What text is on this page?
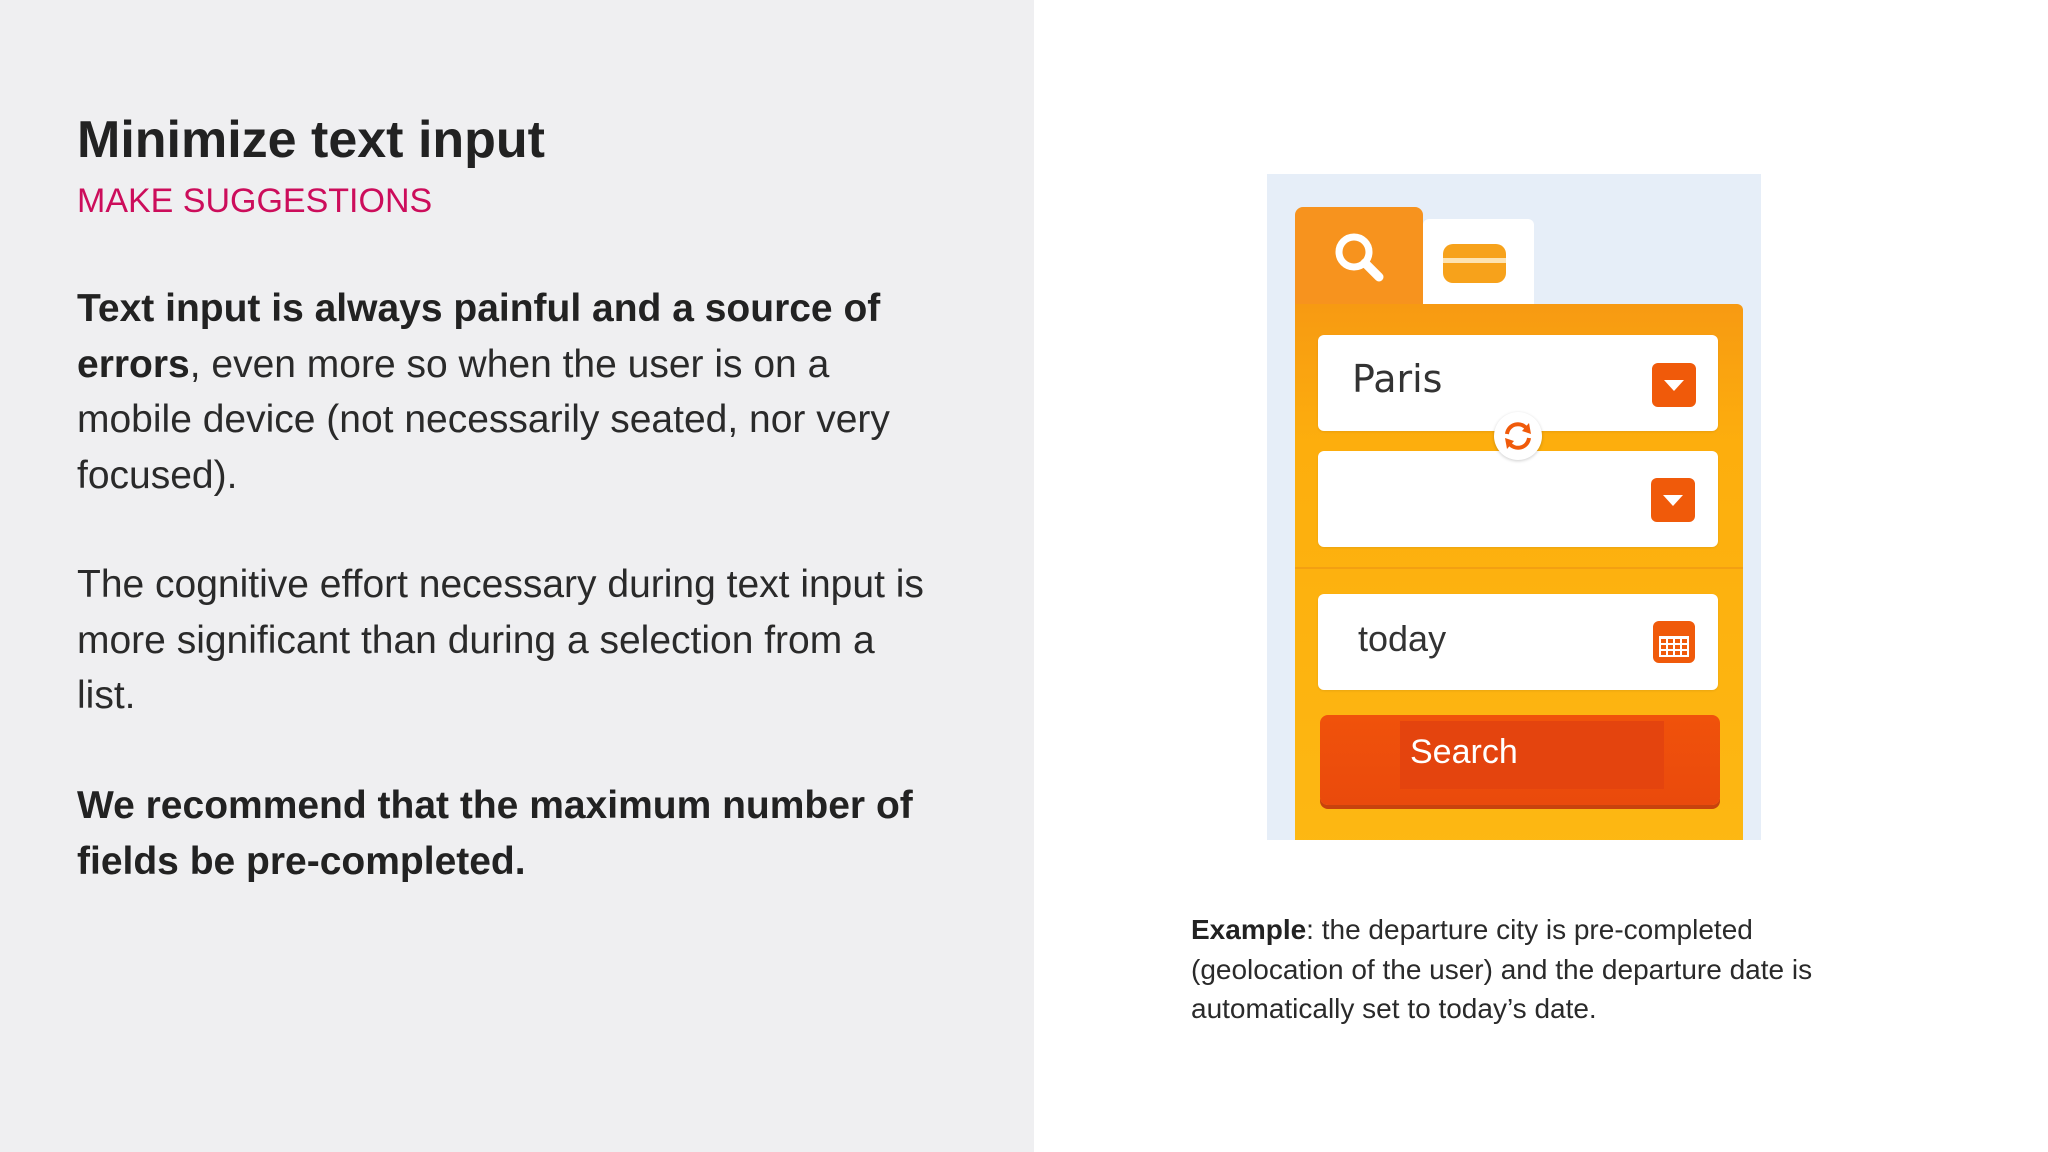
Minimize text input
MAKE SUGGESTIONS
Text input is always painful and a source of errors, even more so when the user is on a mobile device (not necessarily seated, nor very focused).
The cognitive effort necessary during text input is more significant than during a selection from a list.
We recommend that the maximum number of fields be pre-completed.
Paris
today
Search
Example: the departure city is pre-completed (geolocation of the user) and the departure date is automatically set to today’s date.
